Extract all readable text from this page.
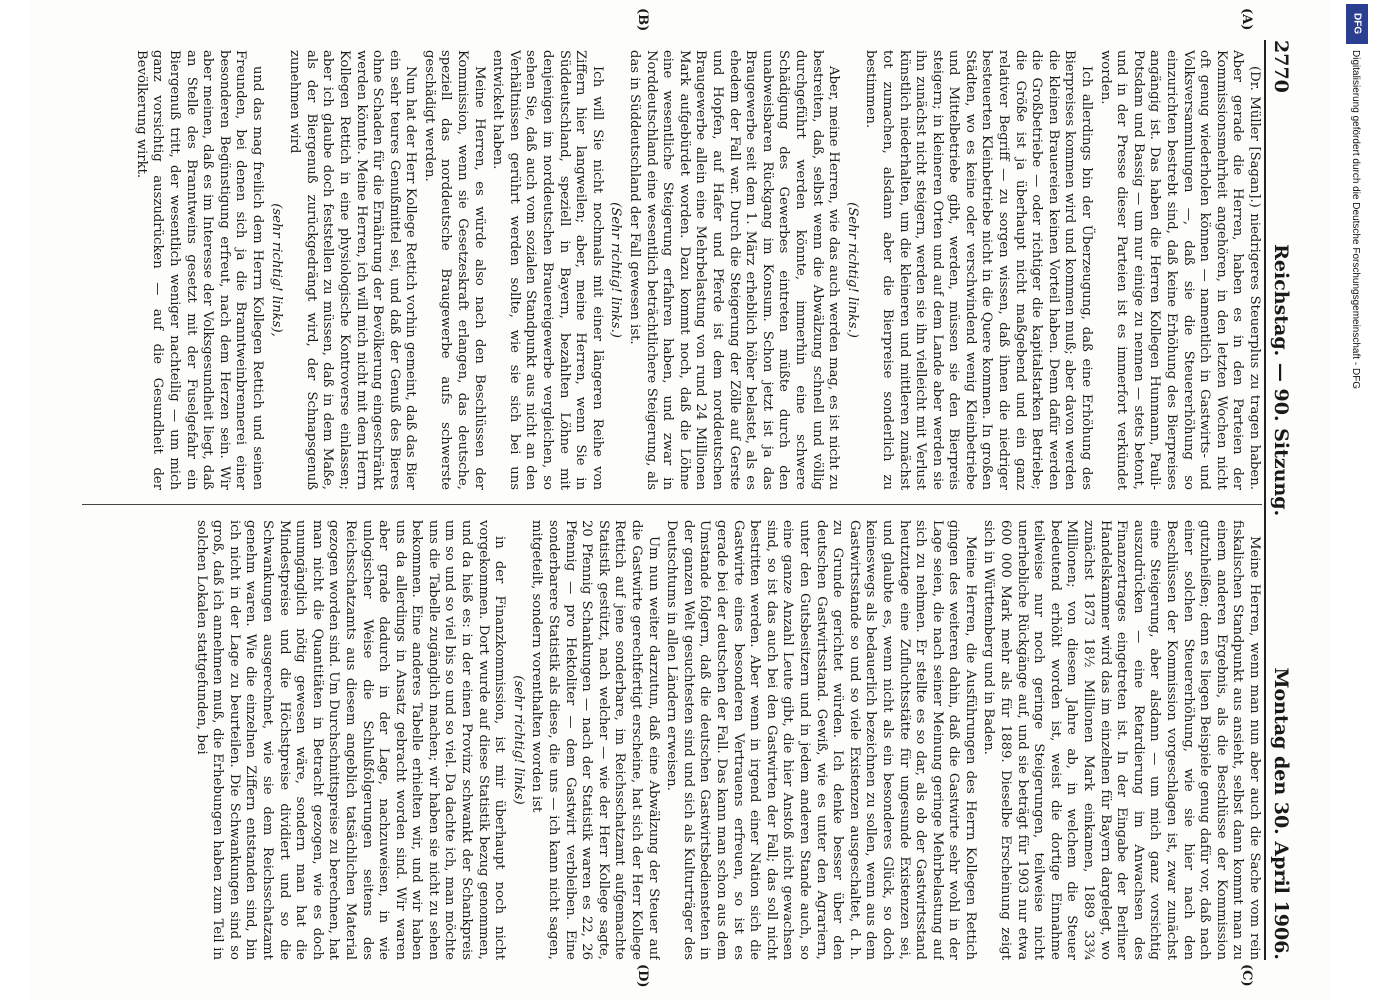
2770
Reichstag. — 90. Sitzung.
Montag den 30. April 1906.
(A)
(B)
(C)
(D)

(Dr. Müller [Sagan].) niedrigeres Steuerplus zu tragen haben. Aber gerade die Herren, haben es in den Parteien der Kommissionsmehrheit angehören, in den letzten Wochen nicht oft genug wiederholen können — namentlich in Gastwirts- und Volksversammlungen —, daß sie die Steuererhöhung so einzurichten bestrebt sind, daß keine Erhöhung des Bierpreises angängig ist. Das haben die Herren Kollegen Hunmann, Pauli-Potsdam und Bassig — um nur einige zu nennen — stets betont, und in der Presse dieser Parteien ist es immerfort verkündet worden.

Ich allerdings bin der Überzeugung, daß eine Erhöhung des Bierpreises kommen wird und kommen muß; aber davon werden die kleinen Brauereien keinen Vorteil haben. Denn dafür werden die Großbetriebe — oder richtiger die kapitalstarken Betriebe; die Größe ist ja überhaupt nicht maßgebend und ein ganz relativer Begriff — zu sorgen wissen, daß ihnen die niedriger besteuerten Kleinbetriebe nicht in die Quere kommen. In großen Städten, wo es keine oder verschwindend wenig Kleinbetriebe und Mittelbetriebe gibt, werden, müssen sie den Bierpreis steigern; in kleineren Orten und auf dem Lande aber werden sie ihn zunächst nicht steigern, werden sie ihn vielleicht mit Verlust künstlich niederhalten, um die kleineren und mittleren zunächst tot zumachen, alsdann aber die Bierpreise sonderlich zu bestimmen.

(Sehr richtig! links.)

Aber, meine Herren, wie das auch werden mag, es ist nicht zu bestreiten, daß, selbst wenn die Abwälzung schnell und völlig durchgeführt werden könnte, immerhin eine schwere Schädigung des Gewerbes eintreten müßte durch den unabweisbaren Rückgang im Konsum. Schon jetzt ist ja das Braugewerbe seit dem 1. März erheblich höher belastet, als es ehedem der Fall war. Durch die Steigerung der Zölle auf Gerste und Hopfen, auf Hafer und Pferde ist dem norddeutschen Braugewerbe allein eine Mehrbelastung von rund 24 Millionen Mark aufgebürdet worden. Dazu kommt noch, daß die Löhne eine wesentliche Steigerung erfahren haben, und zwar in Norddeutschland eine wesentlich beträchtlichere Steigerung, als das in Süddeutschland der Fall gewesen ist.

(Sehr richtig! links.)

Ich will Sie nicht nochmals mit einer längeren Reihe von Ziffern hier langweilen; aber, meine Herren, wenn Sie in Süddeutschland, speziell in Bayern, bezahlten Löhne mit denjenigen im norddeutschen Brauereigewerbe vergleichen, so sehen Sie, daß auch vom sozialen Standpunkt aus nicht an den Verhältnissen gerührt werden sollte, wie sie sich bei uns entwickelt haben.

Meine Herren, es würde also nach den Beschlüssen der Kommission, wenn sie Gesetzeskraft erlangen, das deutsche, speziell das norddeutsche Braugewerbe aufs schwerste geschädigt werden.

Nun hat der Herr Kollege Rettich vorhin gemeint, daß das Bier ein sehr teures Genußmittel sei, und daß der Genuß des Bieres ohne Schaden für die Ernährung der Bevölkerung eingeschränkt werden könnte. Meine Herren, ich will mich nicht mit dem Herrn Kollegen Rettich in eine physiologische Kontroverse einlassen; aber ich glaube doch feststellen zu müssen, daß in dem Maße, als der Biergenuß zurückgedrängt wird, der Schnapsgenuß zunehmen wird

(sehr richtig! links),

und das mag freilich dem Herrn Kollegen Rettich und seinen Freunden, bei denen sich ja die Branntweinbrennerei einer besonderen Begünstigung erfreut, nach dem Herzen sein. Wir aber meinen, daß es im Interesse der Volksgesundheit liegt, daß an Stelle des Branntweins gesetzt mit der Fuselgefahr ein Biergenuß tritt, der wesentlich weniger nachteilig — um mich ganz vorsichtig auszudrücken — auf die Gesundheit der Bevölkerung wirkt.

Meine Herren, wenn man nun aber auch die Sache vom rein fiskalischen Standpunkt aus ansieht, selbst dann kommt man zu einem anderen Ergebnis, als die Beschlüsse der Kommission gutzuheißen; denn es liegen Beispiele genug dafür vor, daß nach einer solchen Steuererhöhung, wie sie hier nach den Beschlüssen der Kommission vorgeschlagen ist, zwar zunächst eine Steigerung, aber alsdann — um mich ganz vorsichtig auszudrücken — eine Retardierung im Anwachsen des Finanzertrages eingetreten ist. In der Eingabe der Berliner Handelskammer wird das im einzelnen für Bayern dargelegt, wo zunächst 1873 18½ Millionen Mark einkamen, 1889 33¾ Millionen; von diesem Jahre ab, in welchem die Steuer bedeutend erhöht worden ist, weist die dortige Einnahme teilweise nur noch geringe Steigerungen, teilweise nicht unerhebliche Rückgänge auf, und sie beträgt für 1903 nur etwa 600 000 Mark mehr als für 1889. Dieselbe Erscheinung zeigt sich in Württemberg und in Baden.

Meine Herren, die Ausführungen des Herrn Kollegen Rettich gingen des weiteren dahin, daß die Gastwirte sehr wohl in der Lage seien, die nach seiner Meinung geringe Mehrbelastung auf sich zu nehmen. Er stellte es so dar, als ob der Gastwirtsstand heutzutage eine Zufluchtsstätte für ungesunde Existenzen sei, und glaubte es, wenn nicht als ein besonderes Glück, so doch keineswegs als bedauerlich bezeichnen zu sollen, wenn aus dem Gastwirtsstande so und so viele Existenzen ausgeschaltet, d. h. zu Grunde gerichtet würden. Ich denke besser über den deutschen Gastwirtsstand. Gewiß, wie es unter den Agrariern, unter den Gutsbesitzern und in jedem anderen Stande auch, so eine ganze Anzahl Leute gibt, die hier Anstoß nicht gewachsen sind, so ist das auch bei den Gastwirten der Fall; das soll nicht bestritten werden. Aber wenn in irgend einer Nation sich die Gastwirte eines besonderen Vertrauens erfreuen, so ist es gerade bei der deutschen der Fall. Das kann man schon aus dem Umstande folgern, daß die deutschen Gastwirtsbediensteten in der ganzen Welt gesuchtesten sind und sich als Kulturträger des Deutschtums in allen Ländern erweisen.

Um nun weiter darzutun, daß eine Abwälzung der Steuer auf die Gastwirte gerechtfertigt erscheine, hat sich der Herr Kollege Rettich auf jene sonderbare, im Reichsschatzamt aufgemachte Statistik gestützt, nach welcher — wie der Herr Kollege sagte, 20 Pfennig Schankungen — nach der Statistik waren es 22, 26 Pfennig — pro Hektoliter — dem Gastwirt verbleiben. Eine sonderbarere Statistik als diese, die uns — ich kann nicht sagen, mitgeteilt, sondern vorenthalten worden ist

(sehr richtig! links)

in der Finanzkommission, ist mir überhaupt noch nicht vorgekommen. Dort wurde auf diese Statistik bezug genommen, und da hieß es: in der einen Provinz schwankt der Schankpreis um so und so viel bis so und so viel. Da dachte ich, man möchte uns die Tabelle zugänglich machen; wir haben sie nicht zu sehen bekommen. Eine anderes Tabelle erhielten wir, und wir haben uns da allerdings in Ansatz gebracht worden sind. Wir waren aber grade dadurch in der Lage, nachzuweisen, in wie unlogischer Weise die Schlußfolgerungen seitens des Reichsschatzamts aus diesem angeblich tatsächlichen Material gezogen worden sind. Um Durchschnittspreise zu berechnen, hat man nicht die Quantitäten in Betracht gezogen, wie es doch unumgänglich nötig gewesen wäre, sondern man hat die Mindestpreise und die Höchstpreise dividiert und so die Schwankungen ausgerechnet, wie sie dem Reichsschatzamt genehm waren. Wie die einzelnen Ziffern entstanden sind, bin ich nicht in der Lage zu beurteilen. Die Schwankungen sind so groß, daß ich annehmen muß, die Erhebungen haben zum Teil in solchen Lokalen stattgefunden, bei

DFG
Digitalisierung gefördert durch die Deutsche Forschungsgemeinschaft - DFG
